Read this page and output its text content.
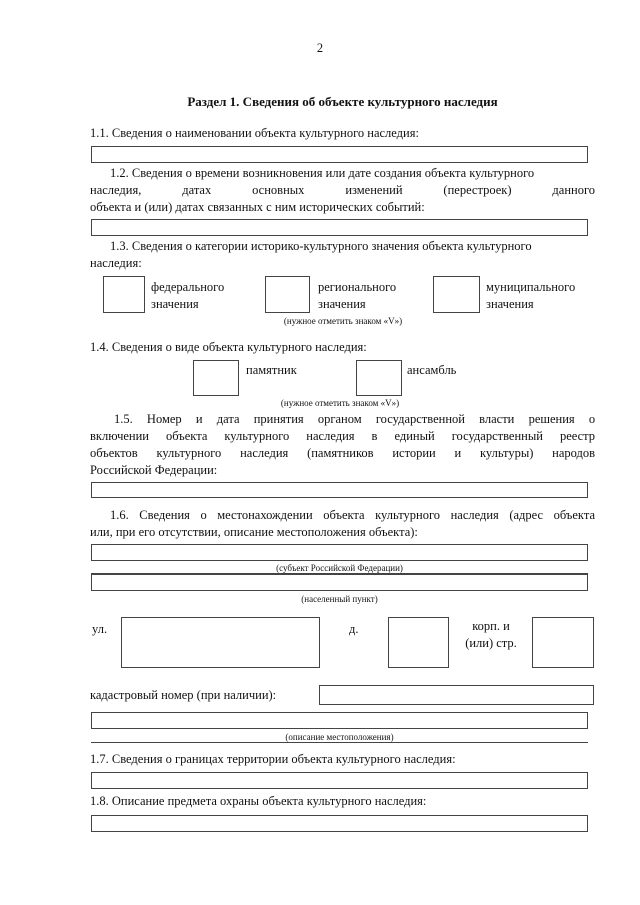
2
Раздел 1. Сведения об объекте культурного наследия
1.1. Сведения о наименовании объекта культурного наследия:
1.2. Сведения о времени возникновения или дате создания объекта культурного
наследия,	датах	основных	изменений	(перестроек)	данного
объекта и (или) датах связанных с ним исторических событий:
1.3. Сведения о категории историко-культурного значения объекта культурного
наследия:
федерального
значения
регионального
значения
муниципального
значения
(нужное отметить знаком «V»)
1.4. Сведения о виде объекта культурного наследия:
памятник	ансамбль
(нужное отметить знаком «V»)
1.5. Номер и дата принятия органом государственной власти решения о
включении объекта культурного наследия в единый государственный реестр
объектов культурного наследия (памятников истории и культуры) народов
Российской Федерации:
1.6. Сведения о местонахождении объекта культурного наследия (адрес объекта
или, при его отсутствии, описание местоположения объекта):
(субъект Российской Федерации)
(населенный пункт)
ул.	д.	корп. и
(или) стр.
кадастровый номер (при наличии):
(описание местоположения)
1.7. Сведения о границах территории объекта культурного наследия:
1.8. Описание предмета охраны объекта культурного наследия:
